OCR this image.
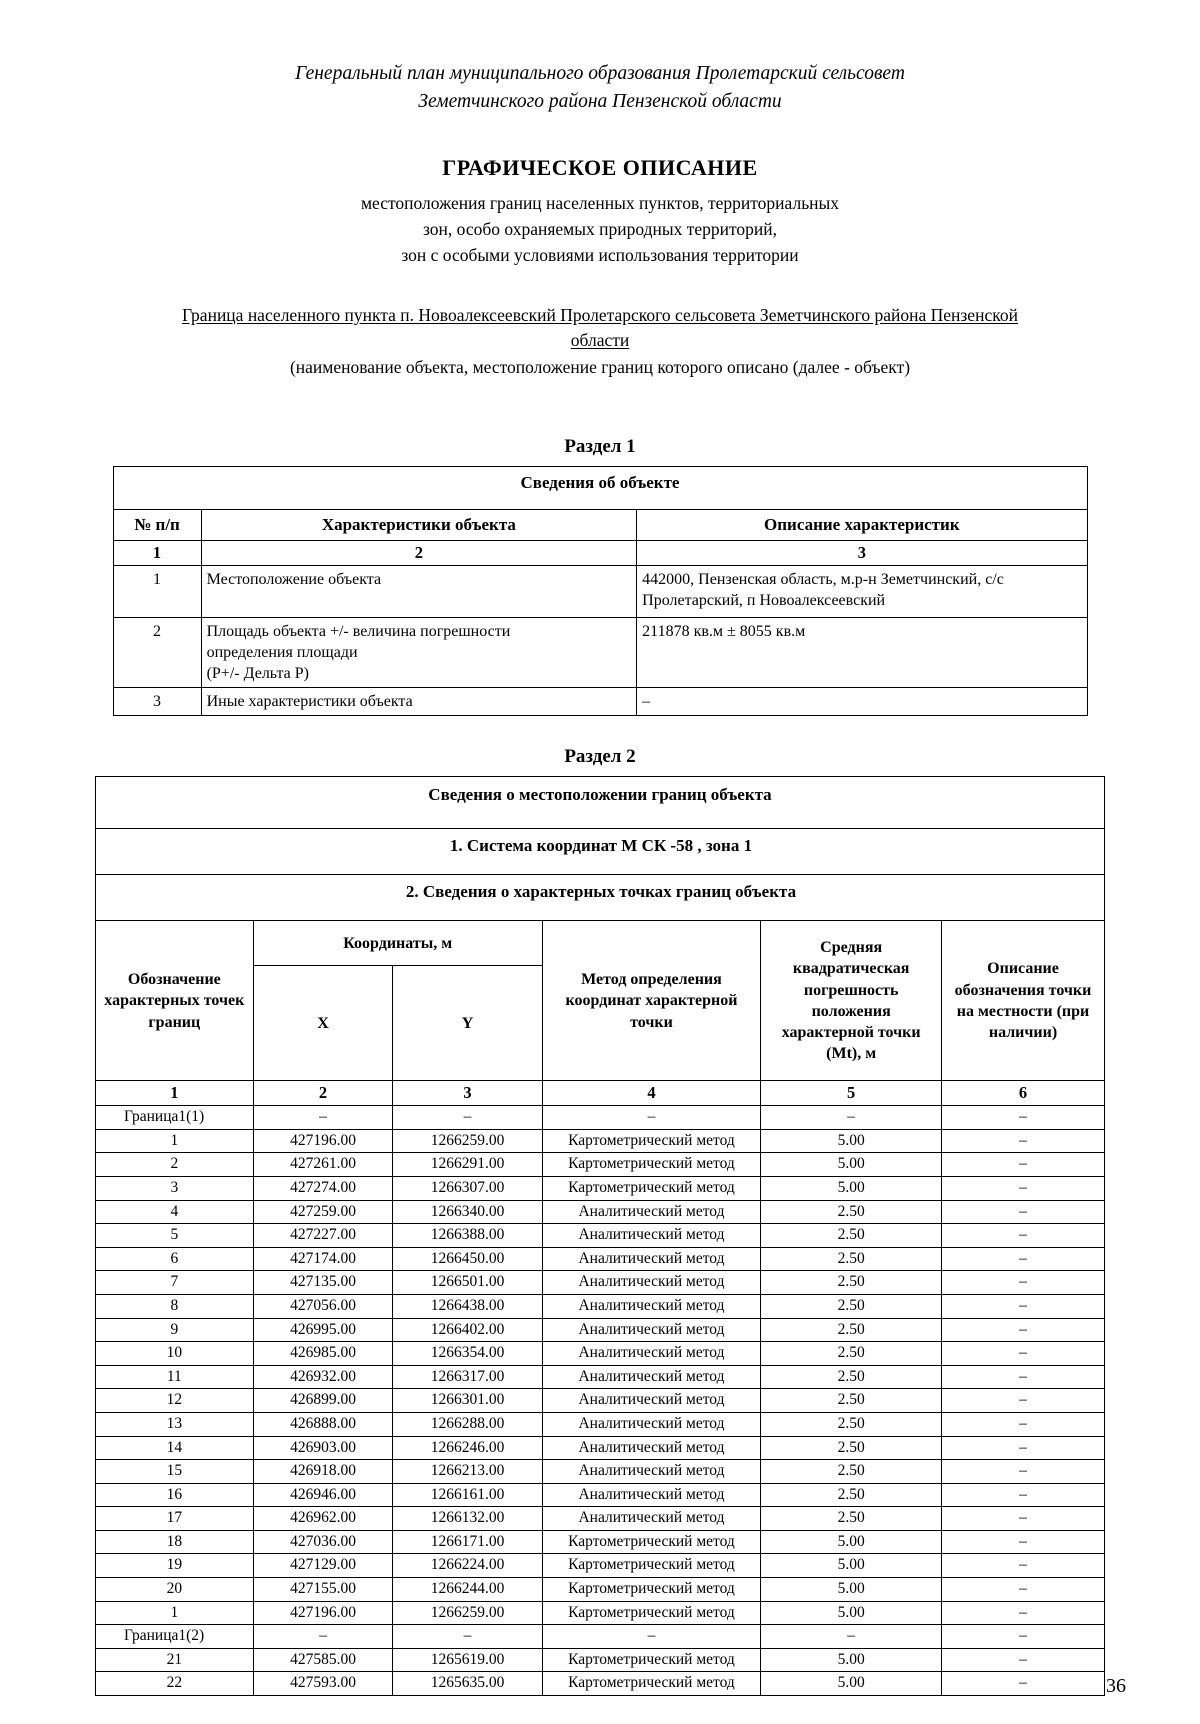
Генеральный план муниципального образования Пролетарский сельсовет
Земетчинского района Пензенской области
ГРАФИЧЕСКОЕ ОПИСАНИЕ
местоположения границ населенных пунктов, территориальных
зон, особо охраняемых природных территорий,
зон с особыми условиями использования территории
Граница населенного пункта п. Новоалексеевский Пролетарского сельсовета Земетчинского района Пензенской
области
(наименование объекта, местоположение границ которого описано (далее - объект)
Раздел 1
Сведения об объекте		
№ п/п	Характеристики объекта	Описание характеристик
1	2	3
1	Местоположение объекта	442000, Пензенская область, м.р-н Земетчинский, с/с
Пролетарский, п Новоалексеевский

2	Площадь объекта +/- величина погрешности
определения площади
(Р+/- Дельта Р)	211878 кв.м ± 8055 кв.м

3	Иные характеристики объекта	–
Раздел 2
Сведения о местоположении границ объекта					
1. Система координат М СК -58 , зона 1					
2. Сведения о характерных точках границ объекта					
Обозначение характерных точек границ	Координаты, м		Метод определения координат характерной точки	Средняя квадратическая погрешность положения характерной точки (Mt), м	Описание обозначения точки на местности (при наличии)
	X	Y			
1	2	3	4	5	6
Граница1(1)	–	–	–	–	–
1	427196.00	1266259.00	Картометрический метод	5.00	–
2	427261.00	1266291.00	Картометрический метод	5.00	–
3	427274.00	1266307.00	Картометрический метод	5.00	–
4	427259.00	1266340.00	Аналитический метод	2.50	–
5	427227.00	1266388.00	Аналитический метод	2.50	–
6	427174.00	1266450.00	Аналитический метод	2.50	–
7	427135.00	1266501.00	Аналитический метод	2.50	–
8	427056.00	1266438.00	Аналитический метод	2.50	–
9	426995.00	1266402.00	Аналитический метод	2.50	–
10	426985.00	1266354.00	Аналитический метод	2.50	–
11	426932.00	1266317.00	Аналитический метод	2.50	–
12	426899.00	1266301.00	Аналитический метод	2.50	–
13	426888.00	1266288.00	Аналитический метод	2.50	–
14	426903.00	1266246.00	Аналитический метод	2.50	–
15	426918.00	1266213.00	Аналитический метод	2.50	–
16	426946.00	1266161.00	Аналитический метод	2.50	–
17	426962.00	1266132.00	Аналитический метод	2.50	–
18	427036.00	1266171.00	Картометрический метод	5.00	–
19	427129.00	1266224.00	Картометрический метод	5.00	–
20	427155.00	1266244.00	Картометрический метод	5.00	–
1	427196.00	1266259.00	Картометрический метод	5.00	–
Граница1(2)	–	–	–	–	–
21	427585.00	1265619.00	Картометрический метод	5.00	–
22	427593.00	1265635.00	Картометрический метод	5.00	–	36
